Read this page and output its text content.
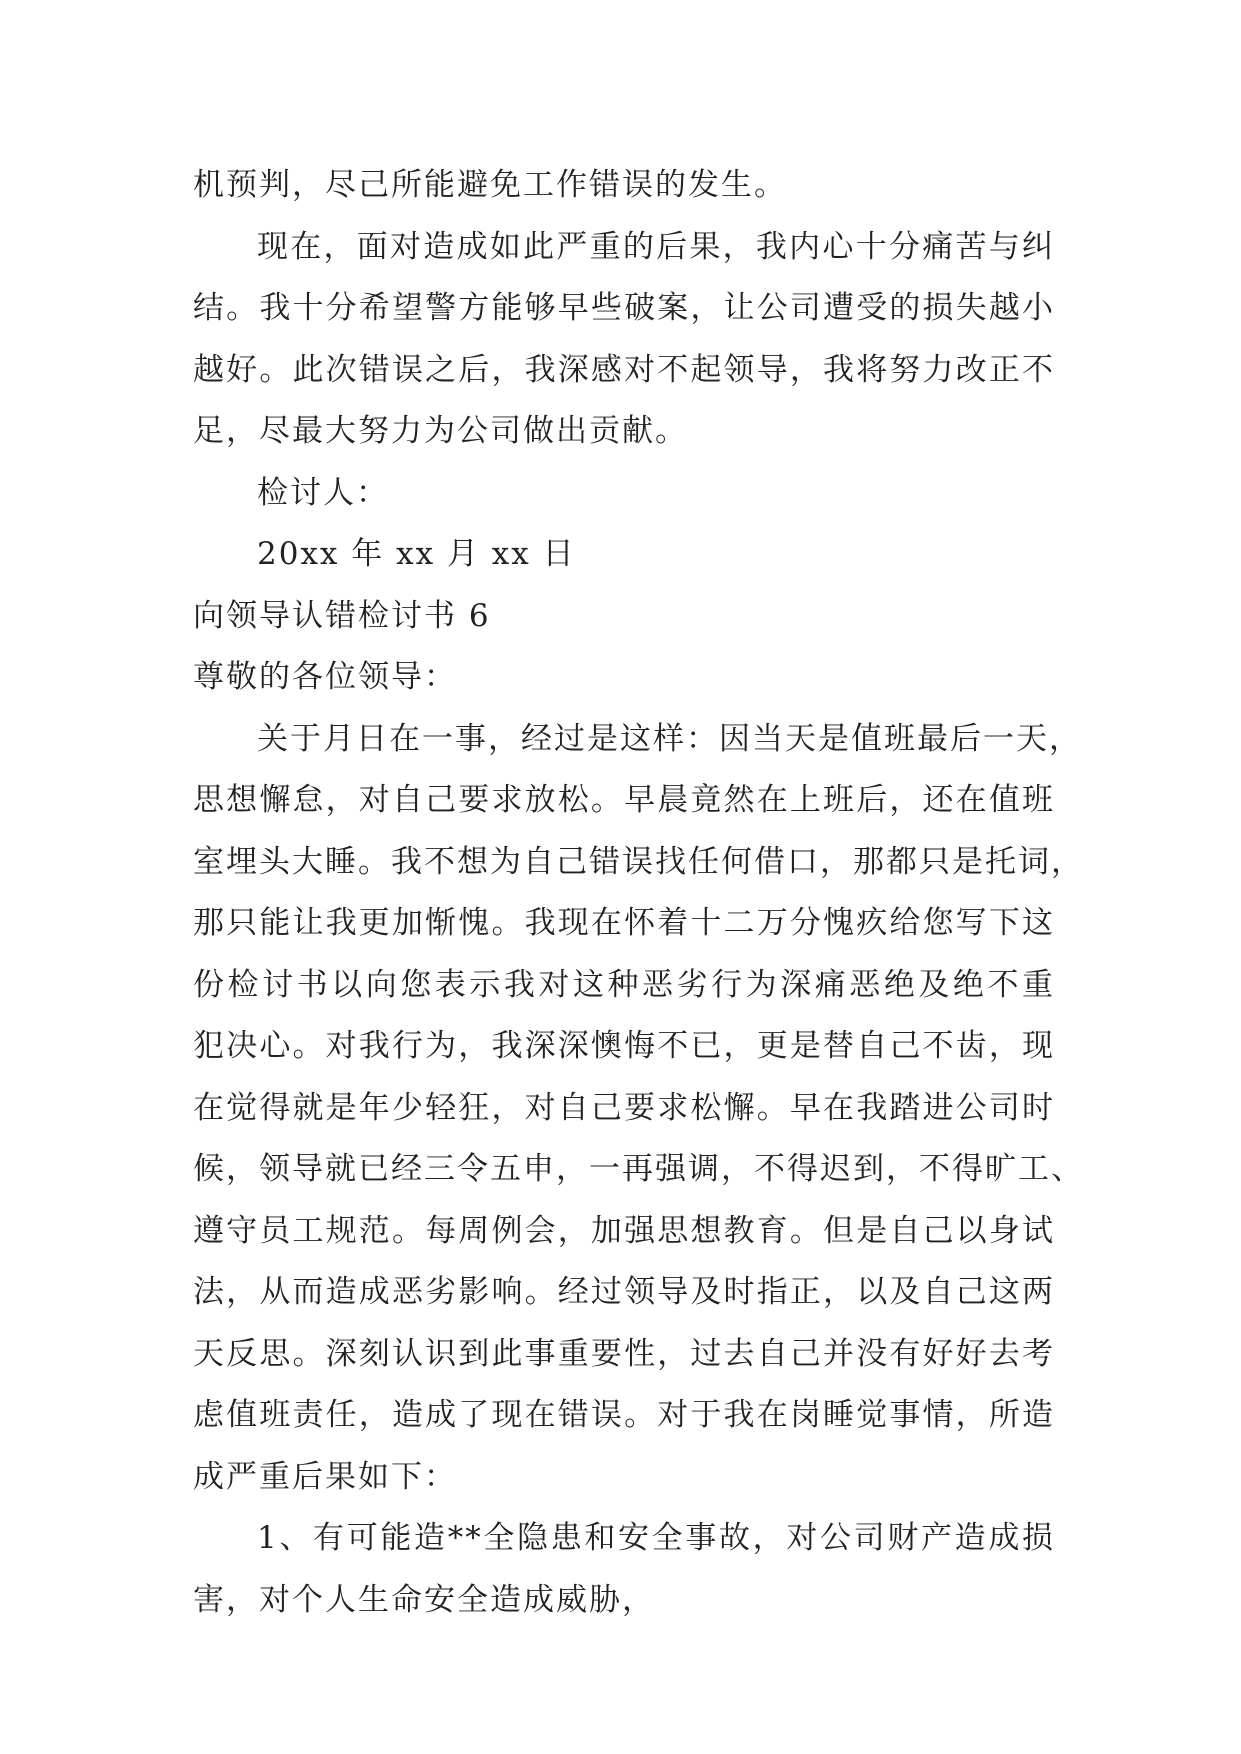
机预判，尽己所能避免工作错误的发生。
现在，面对造成如此严重的后果，我内心十分痛苦与纠
结。我十分希望警方能够早些破案，让公司遭受的损失越小
越好。此次错误之后，我深感对不起领导，我将努力改正不
足，尽最大努力为公司做出贡献。
检讨人：
20xx 年 xx 月 xx 日
向领导认错检讨书 6
尊敬的各位领导：
关于月日在一事，经过是这样：因当天是值班最后一天，
思想懈怠，对自己要求放松。早晨竟然在上班后，还在值班
室埋头大睡。我不想为自己错误找任何借口，那都只是托词，
那只能让我更加惭愧。我现在怀着十二万分愧疚给您写下这
份检讨书以向您表示我对这种恶劣行为深痛恶绝及绝不重
犯决心。对我行为，我深深懊悔不已，更是替自己不齿，现
在觉得就是年少轻狂，对自己要求松懈。早在我踏进公司时
候，领导就已经三令五申，一再强调，不得迟到，不得旷工、
遵守员工规范。每周例会，加强思想教育。但是自己以身试
法，从而造成恶劣影响。经过领导及时指正，以及自己这两
天反思。深刻认识到此事重要性，过去自己并没有好好去考
虑值班责任，造成了现在错误。对于我在岗睡觉事情，所造
成严重后果如下：
1、有可能造**全隐患和安全事故，对公司财产造成损
害，对个人生命安全造成威胁，
